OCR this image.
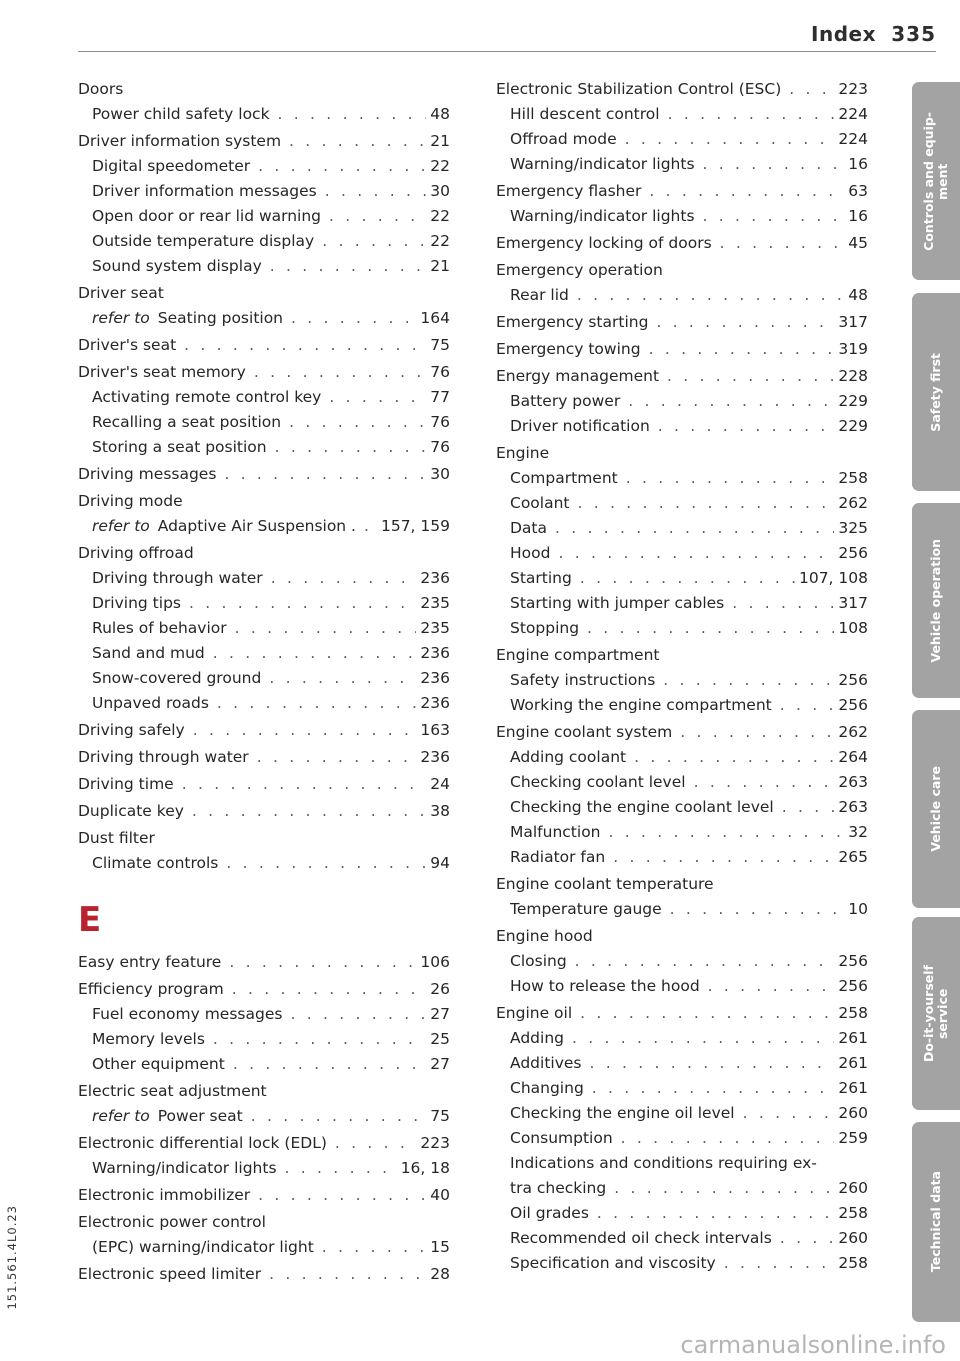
Index 335
Doors
Power child safety lock . . .	48
Driver information system . . .	21
Digital speedometer . . .	22
Driver information messages . . .	30
Open door or rear lid warning . . .	22
Outside temperature display . . .	22
Sound system display . . .	21
Driver seat
refer to Seating position . . .	164
Driver's seat . . .	75
Driver's seat memory . . .	76
Activating remote control key . . .	77
Recalling a seat position . . .	76
Storing a seat position . . .	76
Driving messages . . .	30
Driving mode
refer to Adaptive Air Suspension . . . . 157, 159
Driving offroad
Driving through water . . .	236
Driving tips . . .	235
Rules of behavior . . .	235
Sand and mud . . .	236
Snow-covered ground . . .	236
Unpaved roads . . .	236
Driving safely . . .	163
Driving through water . . .	236
Driving time . . .	24
Duplicate key . . .	38
Dust filter
Climate controls . . .	94
E
Easy entry feature . . .	106
Efficiency program . . .	26
Fuel economy messages . . .	27
Memory levels . . .	25
Other equipment . . .	27
Electric seat adjustment
refer to Power seat . . .	75
Electronic differential lock (EDL) . . .	223
Warning/indicator lights . . .	16, 18
Electronic immobilizer . . .	40
Electronic power control
(EPC) warning/indicator light . . .	15
Electronic speed limiter . . .	28
Electronic Stabilization Control (ESC) . . .	223
Hill descent control . . .	224
Offroad mode . . .	224
Warning/indicator lights . . .	16
Emergency flasher . . .	63
Warning/indicator lights . . .	16
Emergency locking of doors . . .	45
Emergency operation
Rear lid . . .	48
Emergency starting . . .	317
Emergency towing . . .	319
Energy management . . .	228
Battery power . . .	229
Driver notification . . .	229
Engine
Compartment . . .	258
Coolant . . .	262
Data . . .	325
Hood . . .	256
Starting . . .	107, 108
Starting with jumper cables . . .	317
Stopping . . .	108
Engine compartment
Safety instructions . . .	256
Working the engine compartment . . .	256
Engine coolant system . . .	262
Adding coolant . . .	264
Checking coolant level . . .	263
Checking the engine coolant level . . .	263
Malfunction . . .	32
Radiator fan . . .	265
Engine coolant temperature
Temperature gauge . . .	10
Engine hood
Closing . . .	256
How to release the hood . . .	256
Engine oil . . .	258
Adding . . .	261
Additives . . .	261
Changing . . .	261
Checking the engine oil level . . .	260
Consumption . . .	259
Indications and conditions requiring ex-
tra checking . . .	260
Oil grades . . .	258
Recommended oil check intervals . . .	260
Specification and viscosity . . .	258
Controls and equip-
ment
Safety first
Vehicle operation
Vehicle care
Do-it-yourself
service
Technical data
151.561.4L0.23
carmanualsonline.info
